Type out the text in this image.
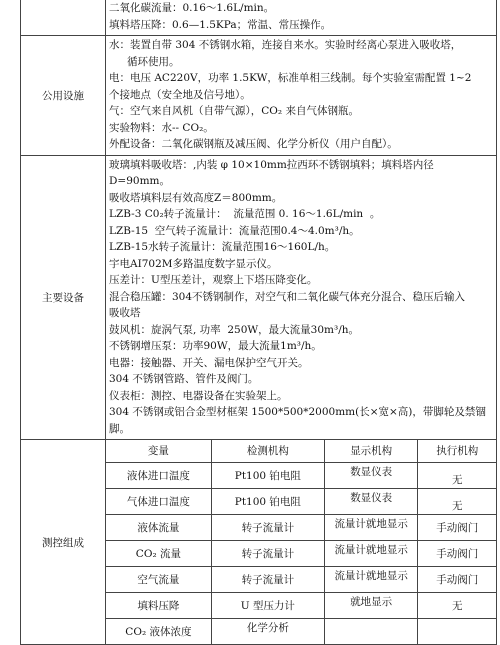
二氧化碳流量：0.16～1.6L/min。
填料塔压降：0.6—1.5KPa；常温、常压操作。

公用设施	
水：装置自带 304 不锈钢水箱，连接自来水。实验时经离心泵进入吸收塔，
循环使用。
电：电压 AC220V，功率 1.5KW，标准单相三线制。每个实验室需配置 1~2
个接地点（安全地及信号地）。
气：空气来自风机（自带气源），CO₂ 来自气体钢瓶。
实验物料：水-- CO₂。
外配设备：二氧化碳钢瓶及减压阀、化学分析仪（用户自配）。

主要设备	
玻璃填料吸收塔：,内装 φ 10×10mm拉西环不锈钢填料；填料塔内径
D=90mm。
吸收塔填料层有效高度Z＝800mm。
LZB-3 C0₂转子流量计：  流量范围 0. 16～1.6L/min  。
LZB-15  空气转子流量计：流量范围0.4～4.0m³/h。
LZB-15水转子流量计：流量范围16～160L/h。
宇电AI702M多路温度数字显示仪。
压差计：U型压差计，观察上下塔压降变化。
混合稳压罐：304不锈钢制作，对空气和二氧化碳气体充分混合、稳压后输入
吸收塔
鼓风机：旋涡气泵, 功率  250W，最大流量30m³/h。
不锈钢增压泵：功率90W，最大流量1m³/h。
电器：接触器、开关、漏电保护空气开关。
304 不锈钢管路、管件及阀门。
仪表柜：测控、电器设备在实验架上。
304 不锈钢或铝合金型材框架 1500*500*2000mm(长×宽×高)，带脚轮及禁锢
脚。

测控组成	
变量	检测机构	显示机构	执行机构
液体进口温度	Pt100 铂电阻	数显仪表	无
气体进口温度	Pt100 铂电阻	数显仪表	无
液体流量	转子流量计	流量计就地显示	手动阀门
CO₂ 流量	转子流量计	流量计就地显示	手动阀门
空气流量	转子流量计	流量计就地显示	手动阀门
填料压降	U 型压力计	就地显示	无
CO₂ 液体浓度	化学分析		
